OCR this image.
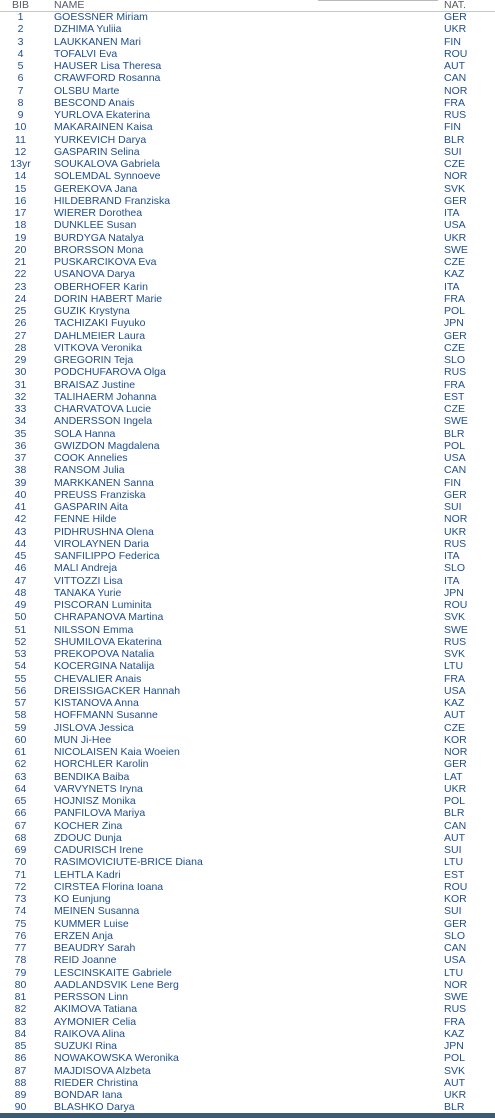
BIB	NAME	NAT.
1	GOESSNER Miriam	GER
2	DZHIMA Yuliia	UKR
3	LAUKKANEN Mari	FIN
4	TOFALVI Eva	ROU
5	HAUSER Lisa Theresa	AUT
6	CRAWFORD Rosanna	CAN
7	OLSBU Marte	NOR
8	BESCOND Anais	FRA
9	YURLOVA Ekaterina	RUS
10	MAKARAINEN Kaisa	FIN
11	YURKEVICH Darya	BLR
12	GASPARIN Selina	SUI
13yr	SOUKALOVA Gabriela	CZE
14	SOLEMDAL Synnoeve	NOR
15	GEREKOVA Jana	SVK
16	HILDEBRAND Franziska	GER
17	WIERER Dorothea	ITA
18	DUNKLEE Susan	USA
19	BURDYGA Natalya	UKR
20	BRORSSON Mona	SWE
21	PUSKARCIKOVA Eva	CZE
22	USANOVA Darya	KAZ
23	OBERHOFER Karin	ITA
24	DORIN HABERT Marie	FRA
25	GUZIK Krystyna	POL
26	TACHIZAKI Fuyuko	JPN
27	DAHLMEIER Laura	GER
28	VITKOVA Veronika	CZE
29	GREGORIN Teja	SLO
30	PODCHUFAROVA Olga	RUS
31	BRAISAZ Justine	FRA
32	TALIHAERM Johanna	EST
33	CHARVATOVA Lucie	CZE
34	ANDERSSON Ingela	SWE
35	SOLA Hanna	BLR
36	GWIZDON Magdalena	POL
37	COOK Annelies	USA
38	RANSOM Julia	CAN
39	MARKKANEN Sanna	FIN
40	PREUSS Franziska	GER
41	GASPARIN Aita	SUI
42	FENNE Hilde	NOR
43	PIDHRUSHNA Olena	UKR
44	VIROLAYNEN Daria	RUS
45	SANFILIPPO Federica	ITA
46	MALI Andreja	SLO
47	VITTOZZI Lisa	ITA
48	TANAKA Yurie	JPN
49	PISCORAN Luminita	ROU
50	CHRAPANOVA Martina	SVK
51	NILSSON Emma	SWE
52	SHUMILOVA Ekaterina	RUS
53	PREKOPOVA Natalia	SVK
54	KOCERGINA Natalija	LTU
55	CHEVALIER Anais	FRA
56	DREISSIGACKER Hannah	USA
57	KISTANOVA Anna	KAZ
58	HOFFMANN Susanne	AUT
59	JISLOVA Jessica	CZE
60	MUN Ji-Hee	KOR
61	NICOLAISEN Kaia Woeien	NOR
62	HORCHLER Karolin	GER
63	BENDIKA Baiba	LAT
64	VARVYNETS Iryna	UKR
65	HOJNISZ Monika	POL
66	PANFILOVA Mariya	BLR
67	KOCHER Zina	CAN
68	ZDOUC Dunja	AUT
69	CADURISCH Irene	SUI
70	RASIMOVICIUTE-BRICE Diana	LTU
71	LEHTLA Kadri	EST
72	CIRSTEA Florina Ioana	ROU
73	KO Eunjung	KOR
74	MEINEN Susanna	SUI
75	KUMMER Luise	GER
76	ERZEN Anja	SLO
77	BEAUDRY Sarah	CAN
78	REID Joanne	USA
79	LESCINSKAITE Gabriele	LTU
80	AADLANDSVIK Lene Berg	NOR
81	PERSSON Linn	SWE
82	AKIMOVA Tatiana	RUS
83	AYMONIER Celia	FRA
84	RAIKOVA Alina	KAZ
85	SUZUKI Rina	JPN
86	NOWAKOWSKA Weronika	POL
87	MAJDISOVA Alzbeta	SVK
88	RIEDER Christina	AUT
89	BONDAR Iana	UKR
90	BLASHKO Darya	BLR
